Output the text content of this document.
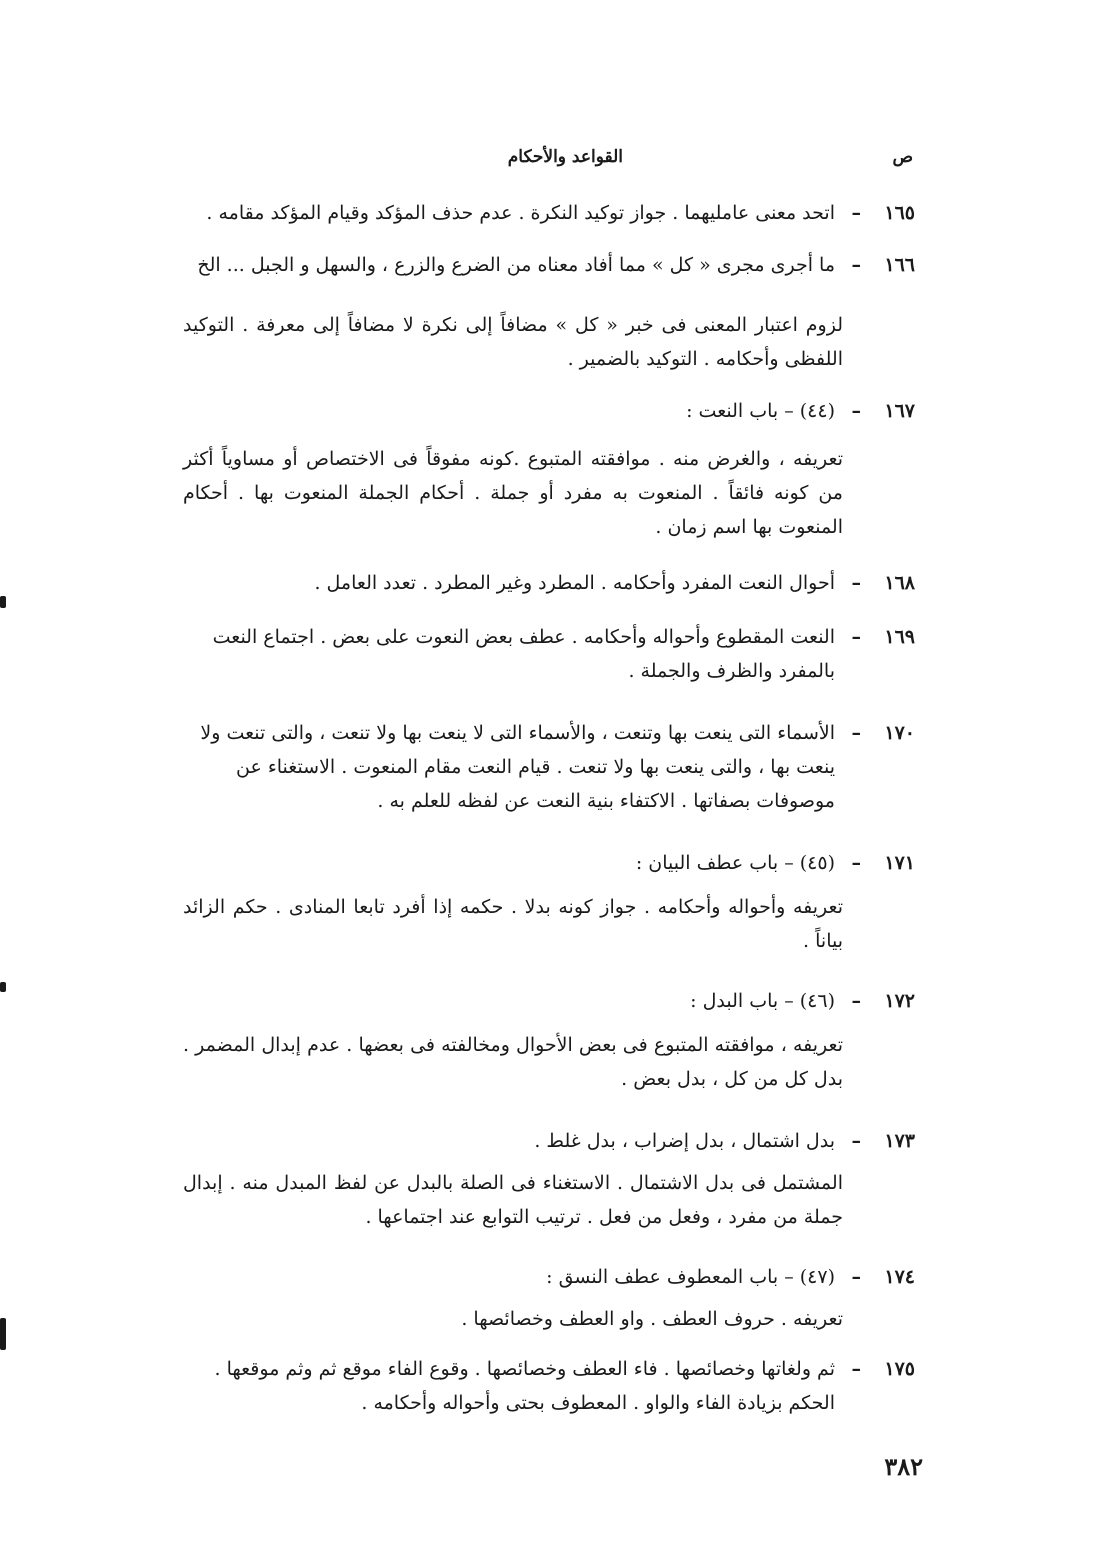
ص
القواعد والأحكام
١٦٥
–
اتحد معنى عامليهما . جواز توكيد النكرة . عدم حذف المؤكد وقيام المؤكد مقامه .
١٦٦
–
ما أجرى مجرى « كل » مما أفاد معناه من الضرع والزرع ، والسهل و الجبل ... الخ
لزوم اعتبار المعنى فى خبر « كل » مضافاً إلى نكرة لا مضافاً إلى معرفة . التوكيد اللفظى وأحكامه . التوكيد بالضمير .
١٦٧
–
(٤٤) – باب النعت :
تعريفه ، والغرض منه . موافقته المتبوع .كونه مفوقاً فى الاختصاص أو مساوياً أكثر من كونه فائقاً . المنعوت به مفرد أو جملة . أحكام الجملة المنعوت بها . أحكام المنعوت بها اسم زمان .
١٦٨
–
أحوال النعت المفرد وأحكامه . المطرد وغير المطرد . تعدد العامل .
١٦٩
–
النعت المقطوع وأحواله وأحكامه . عطف بعض النعوت على بعض . اجتماع النعت بالمفرد والظرف والجملة .
١٧٠
–
الأسماء التى ينعت بها وتنعت ، والأسماء التى لا ينعت بها ولا تنعت ، والتى تنعت ولا ينعت بها ، والتى ينعت بها ولا تنعت . قيام النعت مقام المنعوت . الاستغناء عن موصوفات بصفاتها . الاكتفاء بنية النعت عن لفظه للعلم به .
١٧١
–
(٤٥) – باب عطف البيان :
تعريفه وأحواله وأحكامه . جواز كونه بدلا . حكمه إذا أفرد تابعا المنادى . حكم الزائد بياناً .
١٧٢
–
(٤٦) – باب البدل :
تعريفه ، موافقته المتبوع فى بعض الأحوال ومخالفته فى بعضها . عدم إبدال المضمر . بدل كل من كل ، بدل بعض .
١٧٣
–
بدل اشتمال ، بدل إضراب ، بدل غلط .
المشتمل فى بدل الاشتمال . الاستغناء فى الصلة بالبدل عن لفظ المبدل منه . إبدال جملة من مفرد ، وفعل من فعل . ترتيب التوابع عند اجتماعها .
١٧٤
–
(٤٧) – باب المعطوف عطف النسق :
تعريفه . حروف العطف . واو العطف وخصائصها .
١٧٥
–
ثم ولغاتها وخصائصها . فاء العطف وخصائصها . وقوع الفاء موقع ثم وثم موقعها . الحكم بزيادة الفاء والواو . المعطوف بحتى وأحواله وأحكامه .
٣٨٢
